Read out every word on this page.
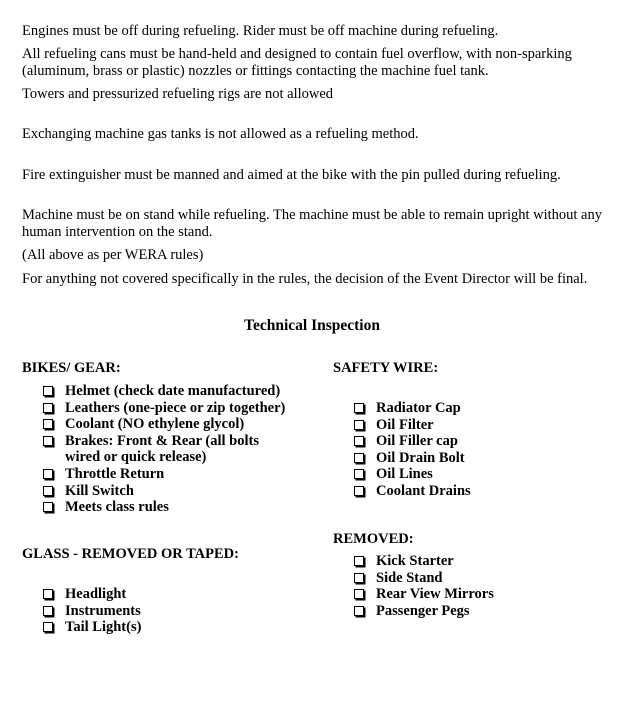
Engines must be off during refueling. Rider must be off machine during refueling.
All refueling cans must be hand-held and designed to contain fuel overflow, with non-sparking (aluminum, brass or plastic) nozzles or fittings contacting the machine fuel tank.
Towers and pressurized refueling rigs are not allowed
Exchanging machine gas tanks is not allowed as a refueling method.
Fire extinguisher must be manned and aimed at the bike with the pin pulled during refueling.
Machine must be on stand while refueling. The machine must be able to remain upright without any human intervention on the stand.
(All above as per WERA rules)
For anything not covered specifically in the rules, the decision of the Event Director will be final.
Technical Inspection
BIKES/ GEAR:
Helmet (check date manufactured)
Leathers (one-piece or zip together)
Coolant (NO ethylene glycol)
Brakes: Front & Rear (all bolts wired or quick release)
Throttle Return
Kill Switch
Meets class rules
GLASS - REMOVED OR TAPED:
Headlight
Instruments
Tail Light(s)
SAFETY WIRE:
Radiator Cap
Oil Filter
Oil Filler cap
Oil Drain Bolt
Oil Lines
Coolant Drains
REMOVED:
Kick Starter
Side Stand
Rear View Mirrors
Passenger Pegs
